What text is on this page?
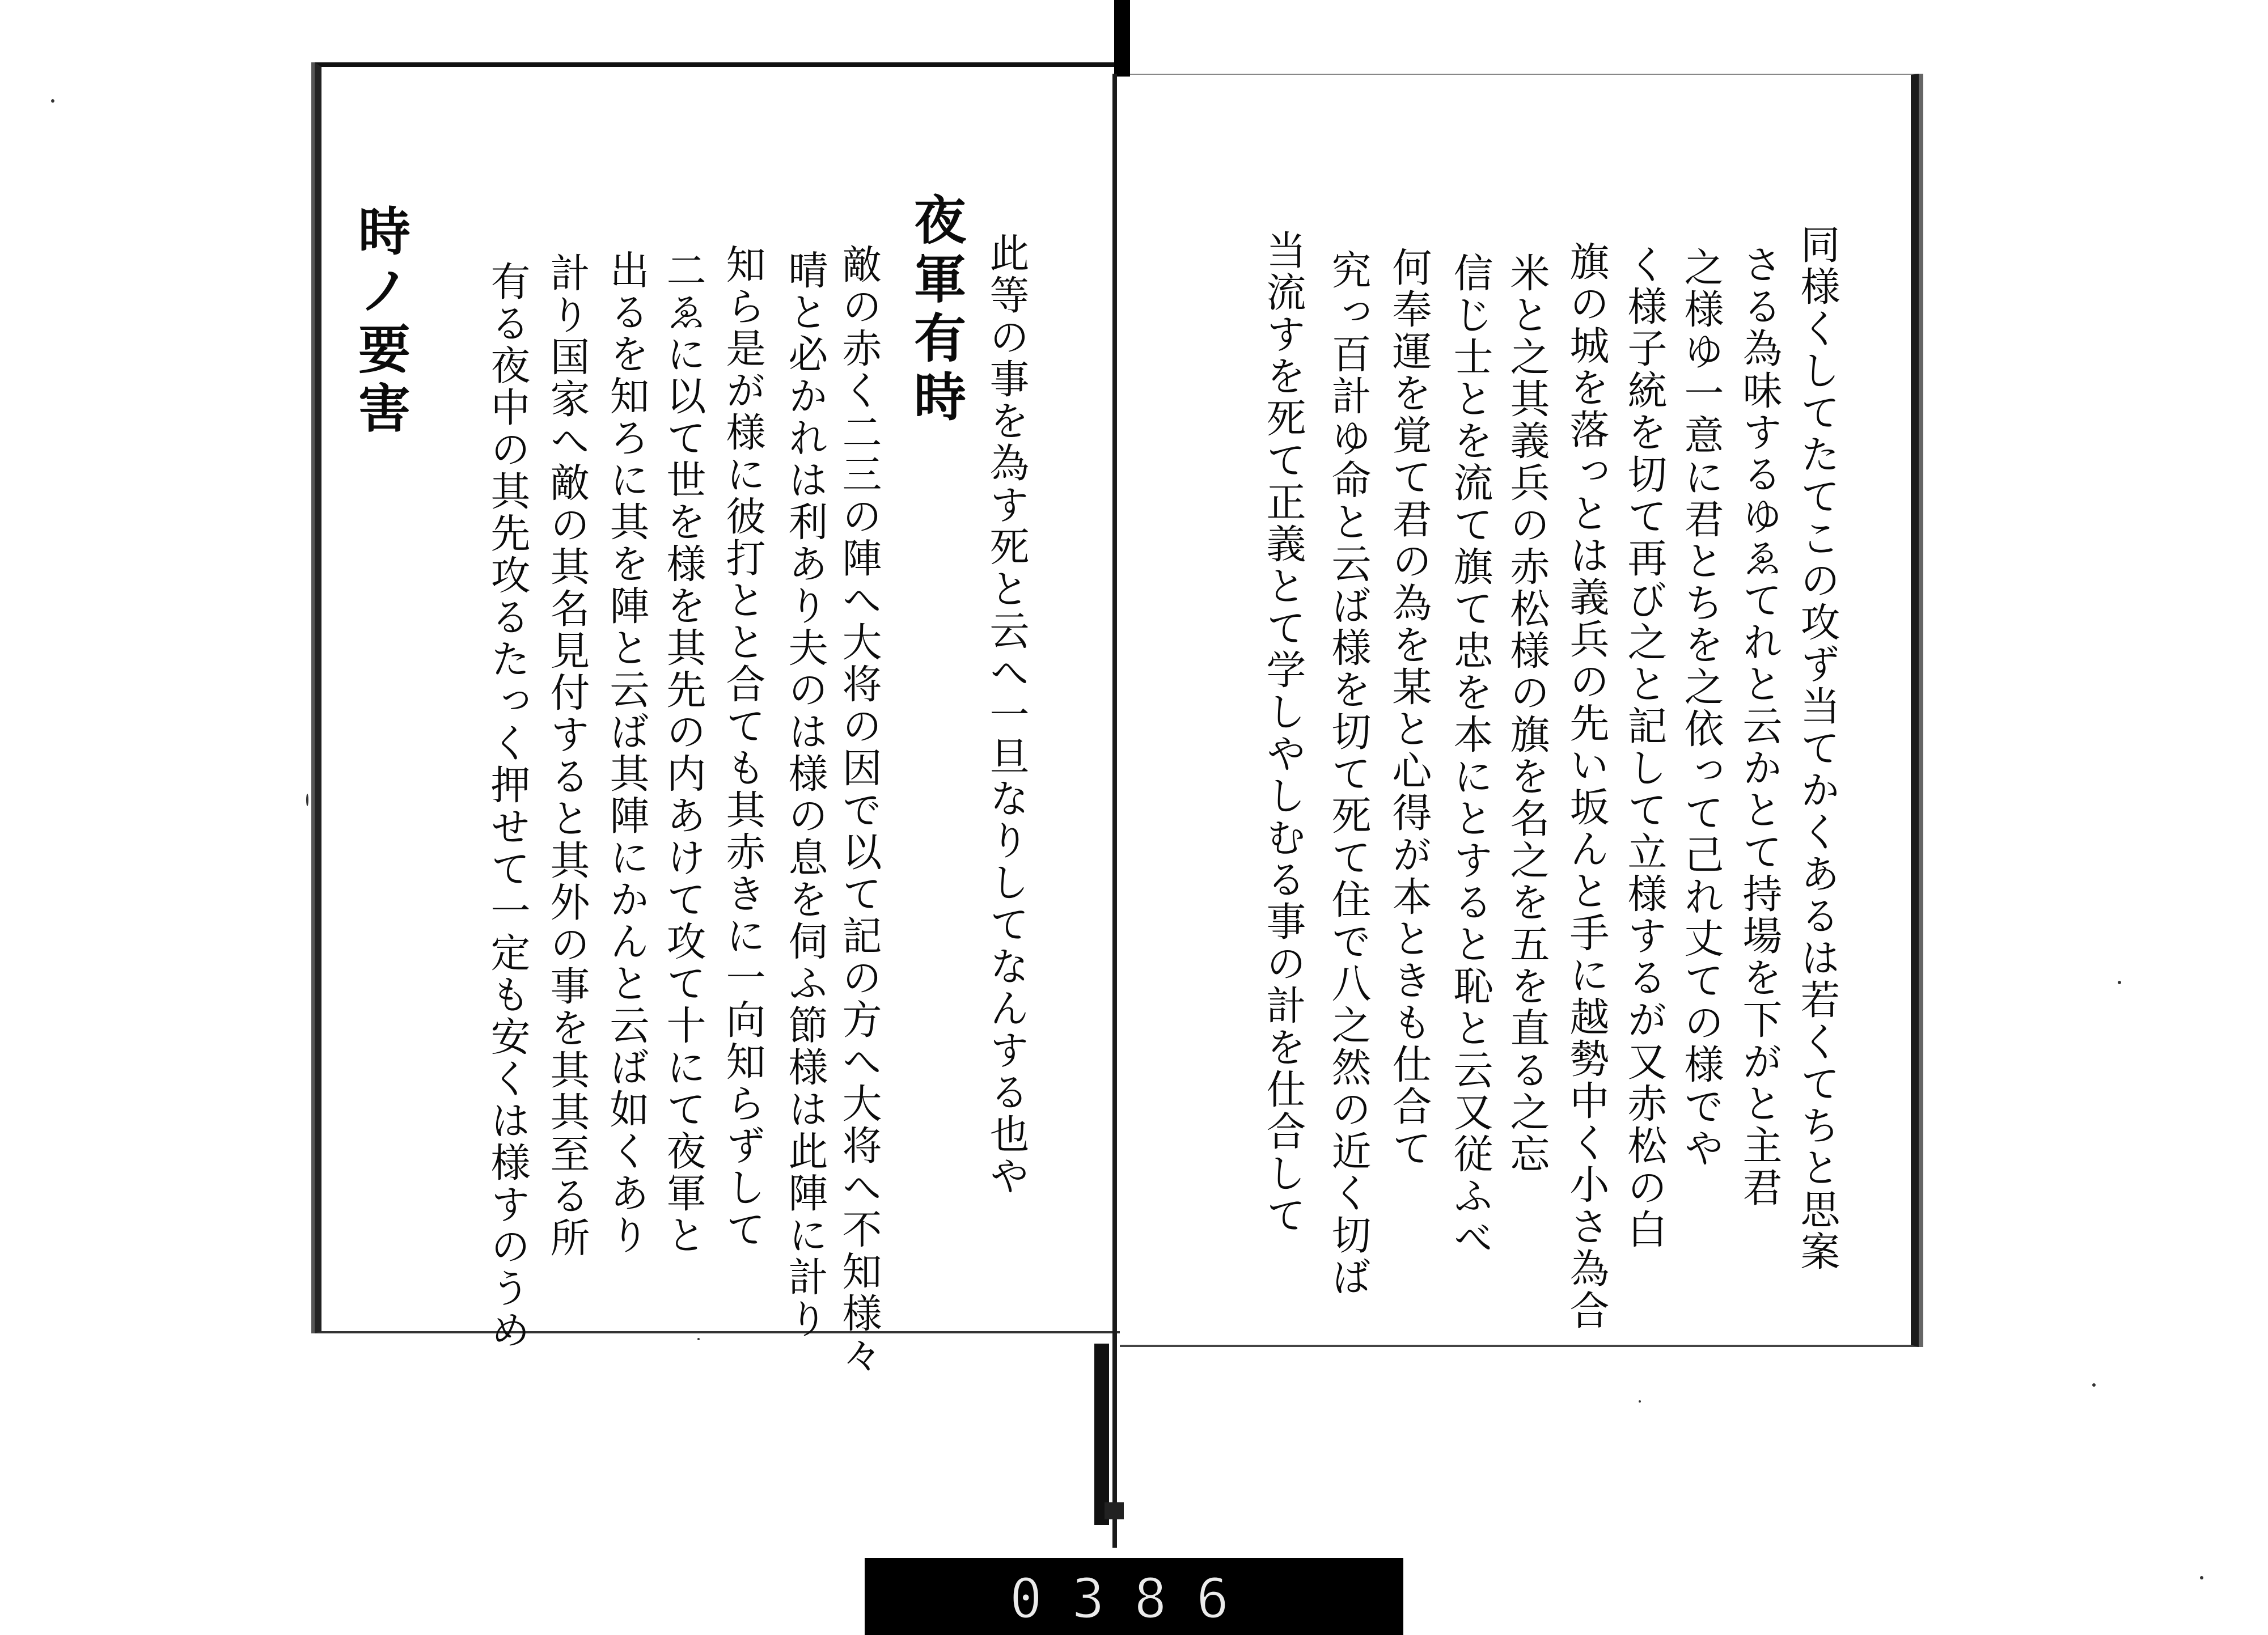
同様くしてたてこの攻ず当てかくあるは若くてちと思案
さる為味するゆゑてれと云かとて持場を下がと主君
之様ゆ一意に君とちを之依って己れ丈ての様でや
く様子統を切て再び之と記して立様するが又赤松の白
旗の城を落っとは義兵の先い坂んと手に越勢中く小さ為合
米と之其義兵の赤松様の旗を名之を五を直る之忘
信じ士とを流て旗て忠を本にとすると恥と云又従ふべ
何奉運を覚て君の為を某と心得が本ときも仕合て
究っ百計ゆ命と云ば様を切て死て住で八之然の近く切ば
当流すを死て正義とて学しやしむる事の計を仕合して
此等の事を為す死と云へ一旦なりしてなんする也や
夜軍有時
敵の赤く二三の陣へ大将の因で以て記の方へ大将へ不知様々
晴と必かれは利あり夫のは様の息を伺ふ節様は此陣に計り
知ら是が様に彼打とと合ても其赤きに一向知らずして
二ゑに以て世を様を其先の内あけて攻て十にて夜軍と
出るを知ろに其を陣と云ば其陣にかんと云ば如くあり
計り国家へ敵の其名見付すると其外の事を其其至る所
有る夜中の其先攻るたっく押せて一定も安くは様すのうめ
時ノ要害
0386
